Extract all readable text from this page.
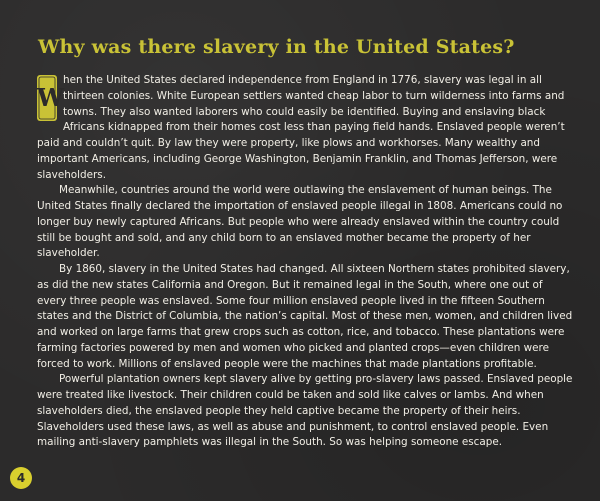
Why was there slavery in the United States?

W
hen the United States declared independence from England in 1776, slavery was legal in all thirteen colonies. White European settlers wanted cheap labor to turn wilderness into farms and towns. They also wanted laborers who could easily be identified. Buying and enslaving black Africans kidnapped from their homes cost less than paying field hands. Enslaved people weren’t paid and couldn’t quit. By law they were property, like plows and workhorses. Many wealthy and important Americans, including George Washington, Benjamin Franklin, and Thomas Jefferson, were slaveholders.

Meanwhile, countries around the world were outlawing the enslavement of human beings. The United States finally declared the importation of enslaved people illegal in 1808. Americans could no longer buy newly captured Africans. But people who were already enslaved within the country could still be bought and sold, and any child born to an enslaved mother became the property of her slaveholder.

By 1860, slavery in the United States had changed. All sixteen Northern states prohibited slavery, as did the new states California and Oregon. But it remained legal in the South, where one out of every three people was enslaved. Some four million enslaved people lived in the fifteen Southern states and the District of Columbia, the nation’s capital. Most of these men, women, and children lived and worked on large farms that grew crops such as cotton, rice, and tobacco. These plantations were farming factories powered by men and women who picked and planted crops—even children were forced to work. Millions of enslaved people were the machines that made plantations profitable.

Powerful plantation owners kept slavery alive by getting pro-slavery laws passed. Enslaved people were treated like livestock. Their children could be taken and sold like calves or lambs. And when slaveholders died, the enslaved people they held captive became the property of their heirs. Slaveholders used these laws, as well as abuse and punishment, to control enslaved people. Even mailing anti-slavery pamphlets was illegal in the South. So was helping someone escape.

4
